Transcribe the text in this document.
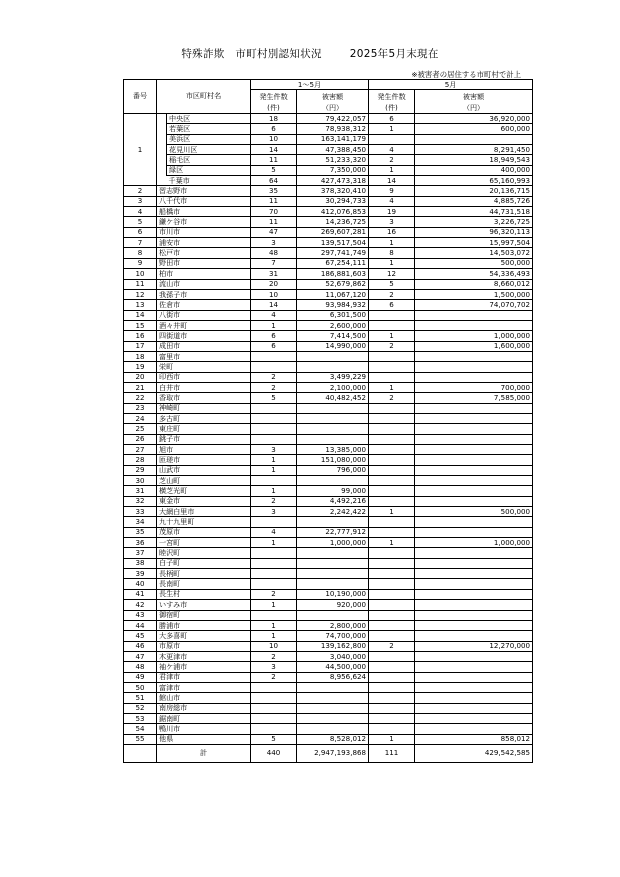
特殊詐欺　市町村別認知状況	2025年5月末現在
※被害者の居住する市町村で計上
				1～5月		5月	
番号	市区町村名			発生件数	被害額	発生件数	被害額
				(件)	（円）	(件)	（円）
1		中央区		18	79,422,057	6	36,920,000
		若葉区		6	78,938,312	1	600,000
		美浜区		10	163,141,179		
		花見川区		14	47,388,450	4	8,291,450
		稲毛区		11	51,233,320	2	18,949,543
		緑区		5	7,350,000	1	400,000
		千葉市		64	427,473,318	14	65,160,993
2	習志野市			35	378,320,410	9	20,136,715
3	八千代市			11	30,294,733	4	4,885,726
4	船橋市			70	412,076,853	19	44,731,518
5	鎌ケ谷市			11	14,236,725	3	3,226,725
6	市川市			47	269,607,281	16	96,320,113
7	浦安市			3	139,517,504	1	15,997,504
8	松戸市			48	297,741,749	8	14,503,072
9	野田市			7	67,254,111	1	500,000
10	柏市			31	186,881,603	12	54,336,493
11	流山市			20	52,679,862	5	8,660,012
12	我孫子市			10	11,067,120	2	1,500,000
13	佐倉市			14	93,984,932	6	74,070,702
14	八街市			4	6,301,500		
15	酒々井町			1	2,600,000		
16	四街道市			6	7,414,500	1	1,000,000
17	成田市			6	14,990,000	2	1,600,000
18	富里市						
19	栄町						
20	印西市			2	3,499,229		
21	白井市			2	2,100,000	1	700,000
22	香取市			5	40,482,452	2	7,585,000
23	神崎町						
24	多古町						
25	東庄町						
26	銚子市						
27	旭市			3	13,385,000		
28	匝瑳市			1	151,080,000		
29	山武市			1	796,000		
30	芝山町						
31	横芝光町			1	99,000		
32	東金市			2	4,492,216		
33	大網白里市			3	2,242,422	1	500,000
34	九十九里町						
35	茂原市			4	22,777,912		
36	一宮町			1	1,000,000	1	1,000,000
37	睦沢町						
38	白子町						
39	長柄町						
40	長南町						
41	長生村			2	10,190,000		
42	いすみ市			1	920,000		
43	御宿町						
44	勝浦市			1	2,800,000		
45	大多喜町			1	74,700,000		
46	市原市			10	139,162,800	2	12,270,000
47	木更津市			2	3,040,000		
48	袖ケ浦市			3	44,500,000		
49	君津市			2	8,956,624		
50	富津市						
51	館山市						
52	南房総市						
53	鋸南町						
54	鴨川市						
55	他県			5	8,528,012	1	858,012
	計			440	2,947,193,868	111	429,542,585
